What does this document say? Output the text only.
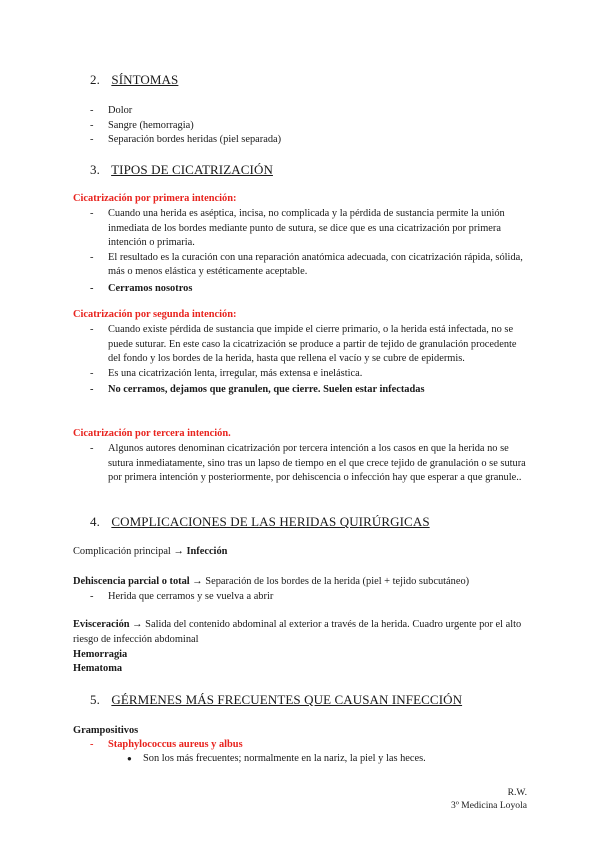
2. SÍNTOMAS
- Dolor
- Sangre (hemorragia)
- Separación bordes heridas (piel separada)
3. TIPOS DE CICATRIZACIÓN
Cicatrización por primera intención:
- Cuando una herida es aséptica, incisa, no complicada y la pérdida de sustancia permite la unión inmediata de los bordes mediante punto de sutura, se dice que es una cicatrización por primera intención o primaria.
- El resultado es la curación con una reparación anatómica adecuada, con cicatrización rápida, sólida, más o menos elástica y estéticamente aceptable.
- Cerramos nosotros
Cicatrización por segunda intención:
- Cuando existe pérdida de sustancia que impide el cierre primario, o la herida está infectada, no se puede suturar. En este caso la cicatrización se produce a partir de tejido de granulación procedente del fondo y los bordes de la herida, hasta que rellena el vacío y se cubre de epidermis.
- Es una cicatrización lenta, irregular, más extensa e inelástica.
- No cerramos, dejamos que granulen, que cierre. Suelen estar infectadas
Cicatrización por tercera intención.
- Algunos autores denominan cicatrización por tercera intención a los casos en que la herida no se sutura inmediatamente, sino tras un lapso de tiempo en el que crece tejido de granulación o se sutura por primera intención y posteriormente, por dehiscencia o infección hay que esperar a que granule..
4. COMPLICACIONES DE LAS HERIDAS QUIRÚRGICAS
Complicación principal → Infección
Dehiscencia parcial o total → Separación de los bordes de la herida (piel + tejido subcutáneo)
- Herida que cerramos y se vuelva a abrir
Evisceración → Salida del contenido abdominal al exterior a través de la herida. Cuadro urgente por el alto riesgo de infección abdominal
Hemorragia
Hematoma
5. GÉRMENES MÁS FRECUENTES QUE CAUSAN INFECCIÓN
Grampositivos
- Staphylococcus aureus y albus
● Son los más frecuentes; normalmente en la nariz, la piel y las heces.
R.W.
3º Medicina Loyola
